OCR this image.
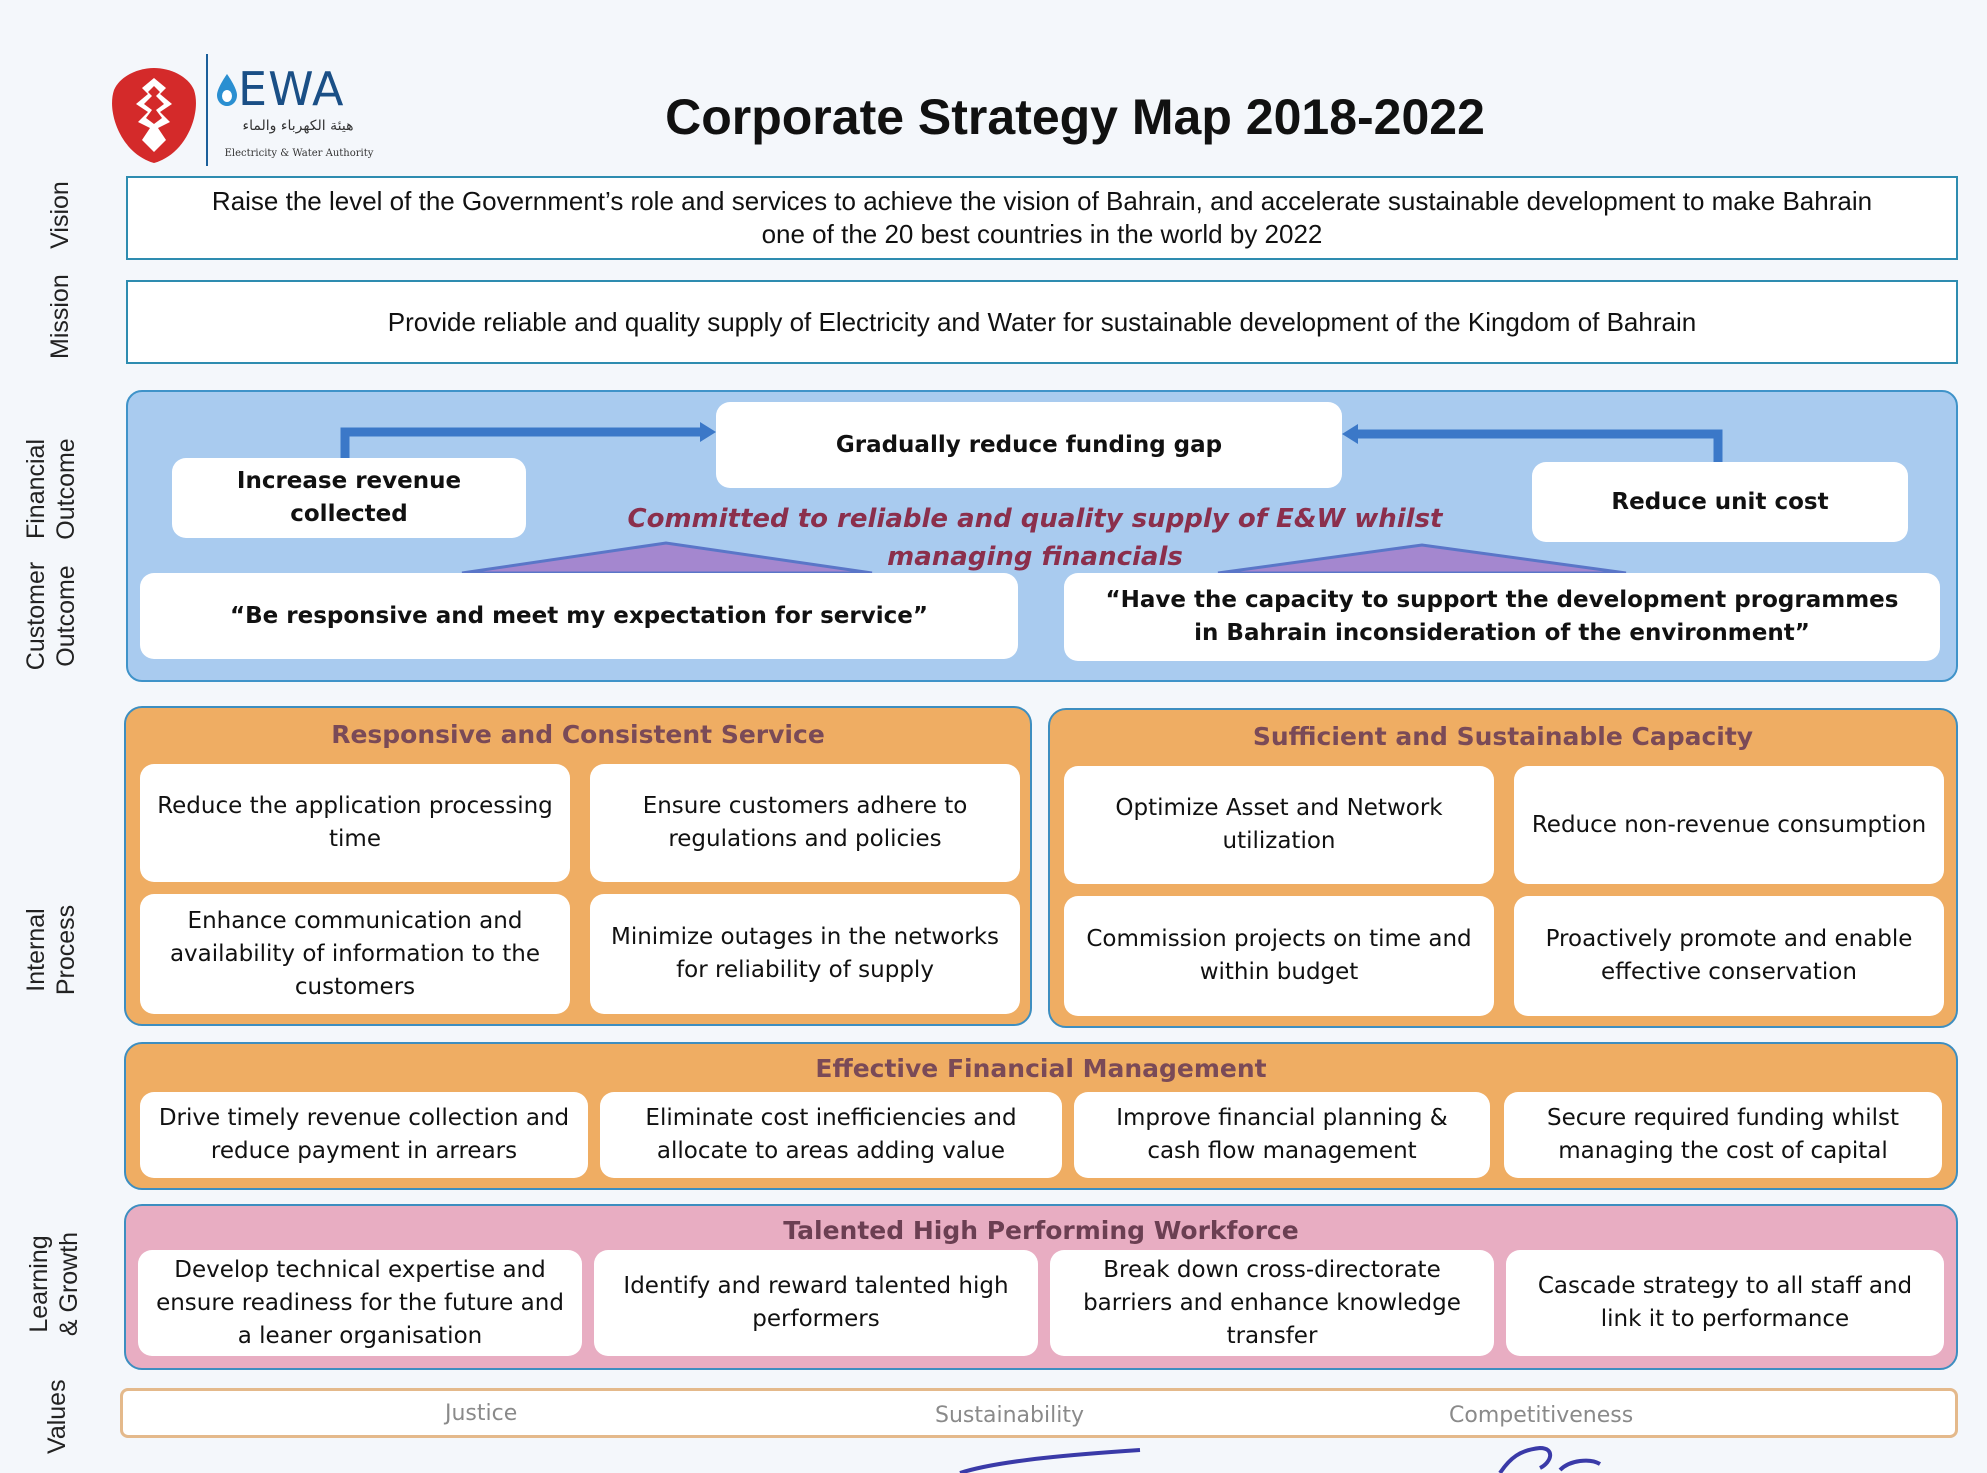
EWA
هيئة الكهرباء والماء
Electricity & Water Authority
Corporate Strategy Map 2018-2022
Vision
Mission
Financial Outcome
Customer Outcome
Internal Process
Learning & Growth
Values
Raise the level of the Government’s role and services to achieve the vision of Bahrain, and accelerate sustainable development to make Bahrain
one of the 20 best countries in the world by 2022
Provide reliable and quality supply of Electricity and Water for sustainable development of the Kingdom of Bahrain
Gradually reduce funding gap
Increase revenue collected	Reduce unit cost
Committed to reliable and quality supply of E&W whilst
managing financials
“Be responsive and meet my expectation for service”
“Have the capacity to support the development programmes in Bahrain inconsideration of the environment”
Responsive and Consistent Service
Reduce the application processing time
Ensure customers adhere to regulations and policies
Enhance communication and availability of information to the customers
Minimize outages in the networks for reliability of supply
Sufficient and Sustainable Capacity
Optimize Asset and Network utilization
Reduce non-revenue consumption
Commission projects on time and within budget
Proactively promote and enable effective conservation
Effective Financial Management
Drive timely revenue collection and reduce payment in arrears
Eliminate cost inefficiencies and allocate to areas adding value
Improve financial planning & cash flow management
Secure required funding whilst managing the cost of capital
Talented High Performing Workforce
Develop technical expertise and ensure readiness for the future and a leaner organisation
Identify and reward talented high performers
Break down cross-directorate barriers and enhance knowledge transfer
Cascade strategy to all staff and link it to performance
Justice	Sustainability	Competitiveness
